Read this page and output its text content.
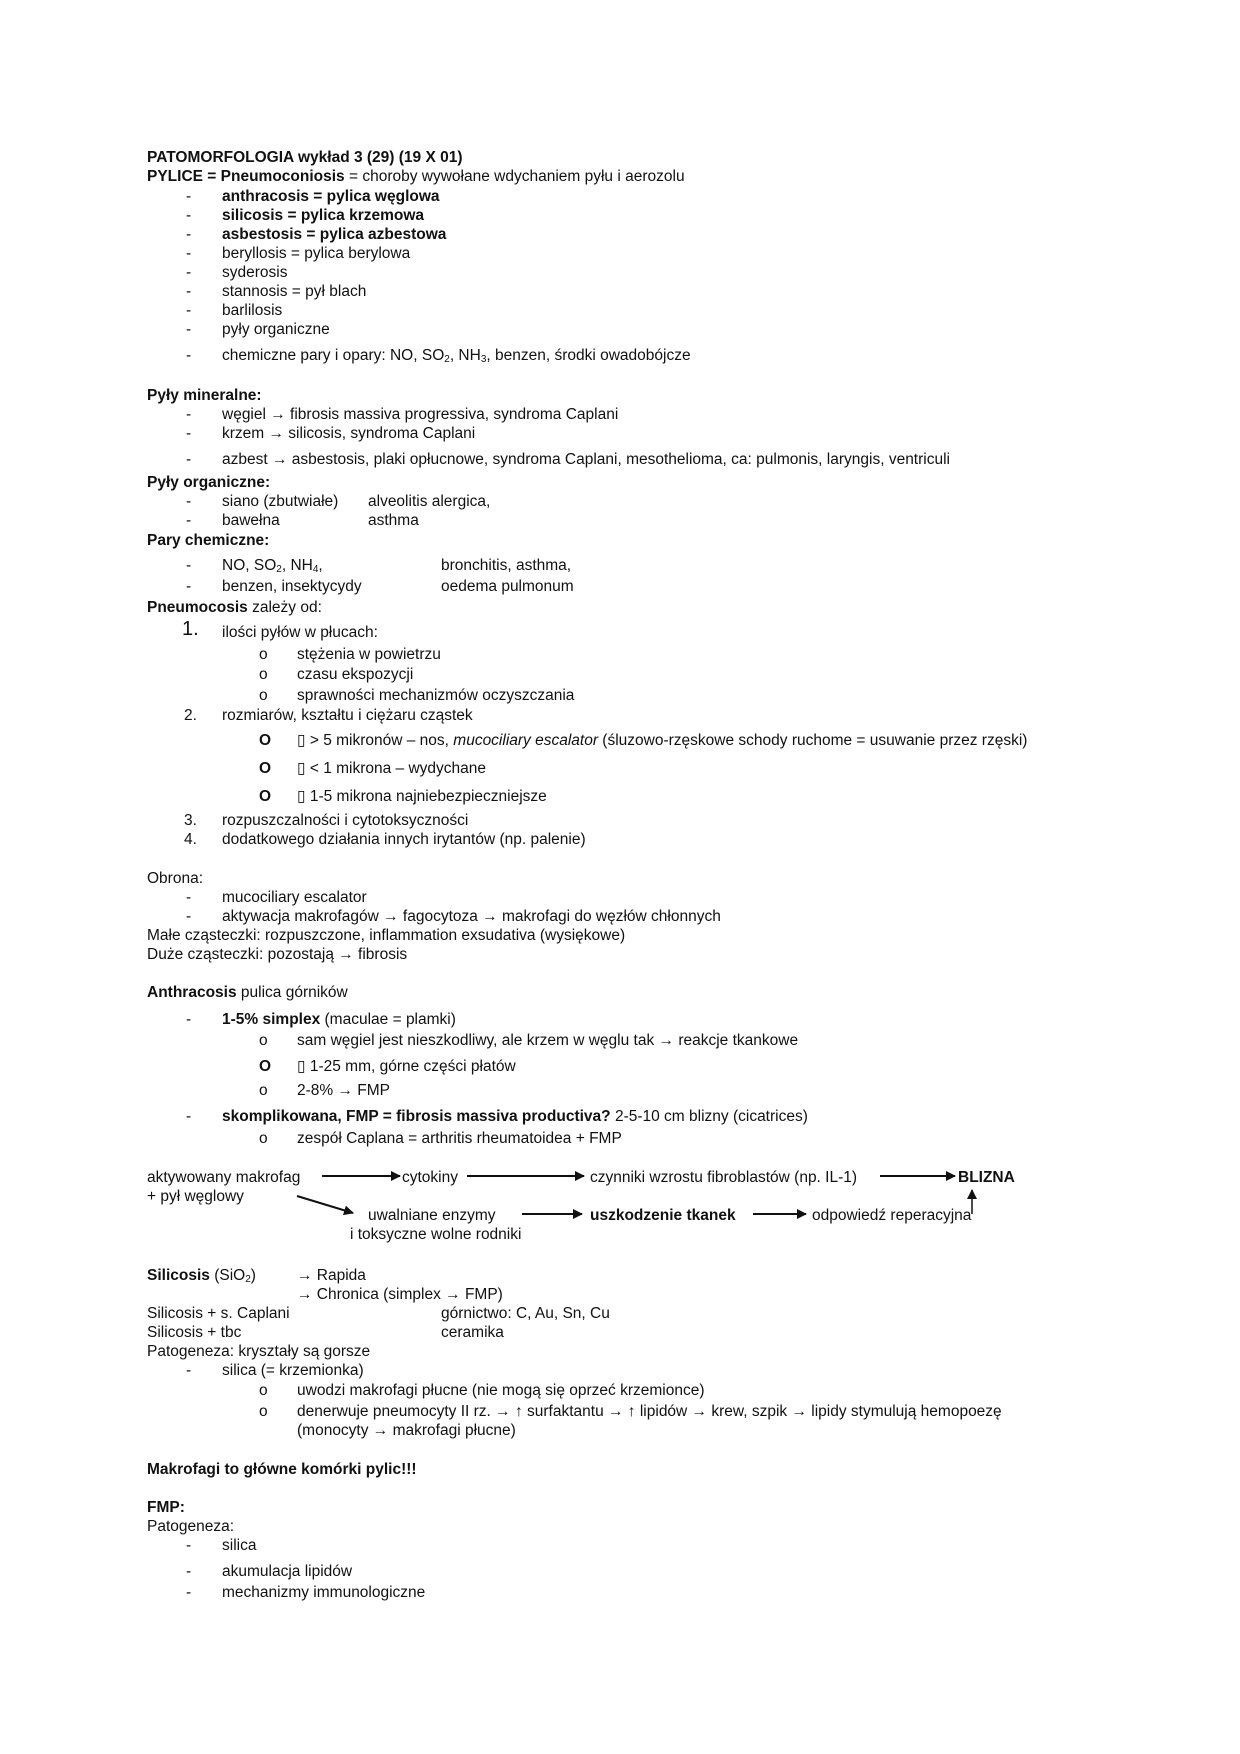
PATOMORFOLOGIA wykład 3 (29) (19 X 01)
PYLICE = Pneumoconiosis = choroby wywołane wdychaniem pyłu i aerozolu
- anthracosis = pylica węglowa
- silicosis = pylica krzemowa
- asbestosis = pylica azbestowa
- beryllosis = pylica berylowa
- syderosis
- stannosis = pył blach
- barlilosis
- pyły organiczne
- chemiczne pary i opary: NO, $SO_2$, $NH_3$, benzen, środki owadobójcze
Pyły mineralne:
- węgiel → fibrosis massiva progressiva, syndroma Caplani
- krzem → silicosis, syndroma Caplani
- azbest → asbestosis, plaki opłucnowe, syndroma Caplani, mesothelioma, ca: pulmonis, laryngis, ventriculi
Pyły organiczne:
- siano (zbutwiałe) alveolitis alergica,
- bawełna	asthma
Pary chemiczne:
- NO, $SO_2$, $NH_4$,	bronchitis, asthma,
- benzen, insektycydy	oedema pulmonum
Pneumocosis zależy od:
1. ilości pyłów w płucach:
o stężenia w powietrzu
o czasu ekspozycji
o sprawności mechanizmów oczyszczania
2. rozmiarów, kształtu i ciężaru cząstek
O ▯ > 5 mikronów – nos, mucociliary escalator (śluzowo-rzęskowe schody ruchome = usuwanie przez rzęski)
O ▯ < 1 mikrona – wydychane
O ▯ 1-5 mikrona najniebezpieczniejsze
3. rozpuszczalności i cytotoksyczności
4. dodatkowego działania innych irytantów (np. palenie)
Obrona:
- mucociliary escalator
- aktywacja makrofagów → fagocytoza → makrofagi do węzłów chłonnych
Małe cząsteczki: rozpuszczone, inflammation exsudativa (wysiękowe)
Duże cząsteczki: pozostają → fibrosis
Anthracosis pulica górników
- 1-5% simplex (maculae = plamki)
o sam węgiel jest nieszkodliwy, ale krzem w węglu tak → reakcje tkankowe
O ▯ 1-25 mm, górne części płatów
o 2-8% → FMP
- skomplikowana, FMP = fibrosis massiva productiva? 2-5-10 cm blizny (cicatrices)
o zespół Caplana = arthritis rheumatoidea + FMP
aktywowany makrofag
+ pył węglowy
cytokiny	czynniki wzrostu fibroblastów (np. IL-1)	BLIZNA
uwalniane enzymy
i toksyczne wolne rodniki
uszkodzenie tkanek	odpowiedź reperacyjna
Silicosis (SiO$_2$)	→ Rapida
→ Chronica (simplex → FMP)
Silicosis + s. Caplani	górnictwo: C, Au, Sn, Cu
Silicosis + tbc	ceramika
Patogeneza: kryształy są gorsze
- silica (= krzemionka)
o uwodzi makrofagi płucne (nie mogą się oprzeć krzemionce)
o denerwuje pneumocyty II rz. → ↑ surfaktantu → ↑ lipidów → krew, szpik → lipidy stymulują hemopoezę
(monocyty → makrofagi płucne)
Makrofagi to główne komórki pylic!!!
FMP:
Patogeneza:
- silica
- akumulacja lipidów
- mechanizmy immunologiczne
